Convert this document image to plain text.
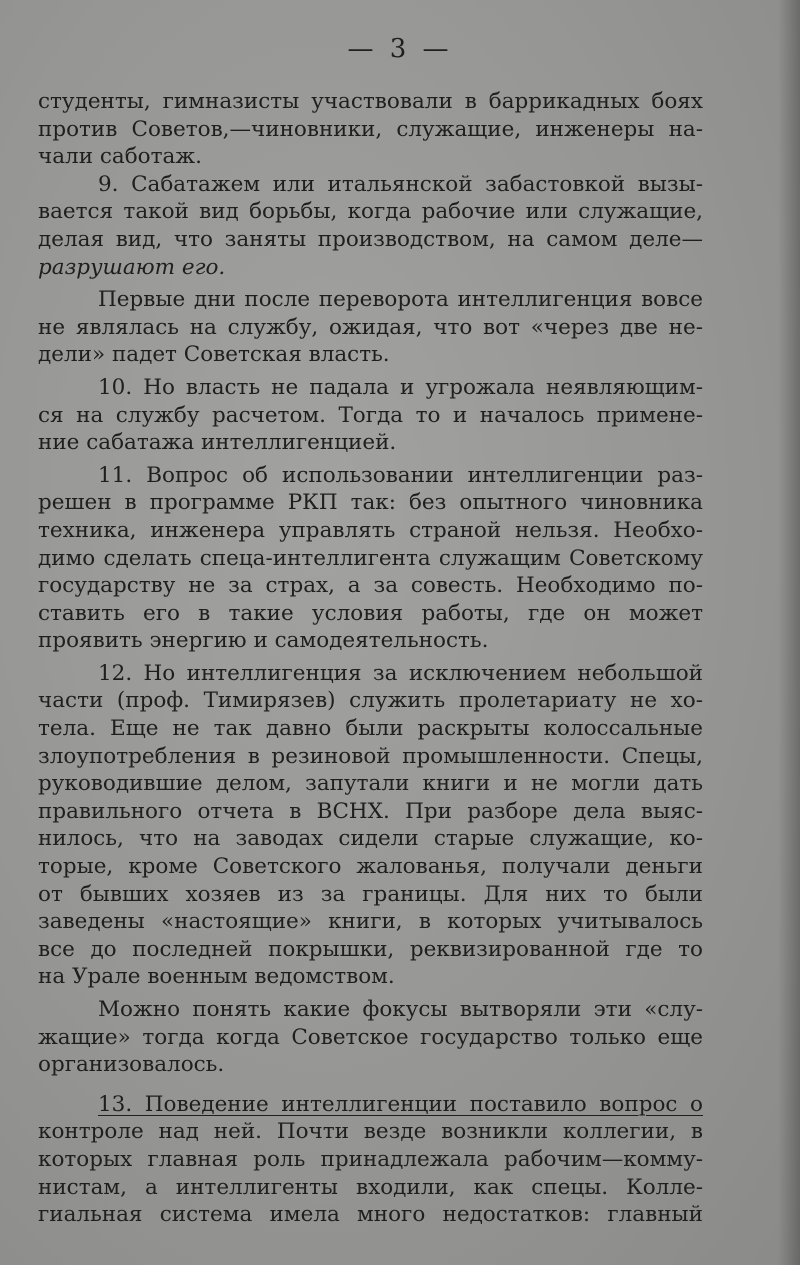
— 3 —
студенты, гимназисты участвовали в баррикадных боях
против Советов,—чиновники, служащие, инженеры на-
чали саботаж.
9. Сабатажем или итальянской забастовкой вызы-
вается такой вид борьбы, когда рабочие или служащие,
делая вид, что заняты производством, на самом деле—
разрушают его.
Первые дни после переворота интеллигенция вовсе
не являлась на службу, ожидая, что вот «через две не-
дели» падет Советская власть.
10. Но власть не падала и угрожала неявляющим-
ся на службу расчетом. Тогда то и началось примене-
ние сабатажа интеллигенцией.
11. Вопрос об использовании интеллигенции раз-
решен в программе РКП так: без опытного чиновника
техника, инженера управлять страной нельзя. Необхо-
димо сделать спеца-интеллигента служащим Советскому
государству не за страх, а за совесть. Необходимо по-
ставить его в такие условия работы, где он может
проявить энергию и самодеятельность.
12. Но интеллигенция за исключением небольшой
части (проф. Тимирязев) служить пролетариату не хо-
тела. Еще не так давно были раскрыты колоссальные
злоупотребления в резиновой промышленности. Спецы,
руководившие делом, запутали книги и не могли дать
правильного отчета в ВСНХ. При разборе дела выяс-
нилось, что на заводах сидели старые служащие, ко-
торые, кроме Советского жалованья, получали деньги
от бывших хозяев из за границы. Для них то были
заведены «настоящие» книги, в которых учитывалось
все до последней покрышки, реквизированной где то
на Урале военным ведомством.
Можно понять какие фокусы вытворяли эти «слу-
жащие» тогда когда Советское государство только еще
организовалось.
13. Поведение интеллигенции поставило вопрос о
контроле над ней. Почти везде возникли коллегии, в
которых главная роль принадлежала рабочим—комму-
нистам, а интеллигенты входили, как спецы. Колле-
гиальная система имела много недостатков: главный
